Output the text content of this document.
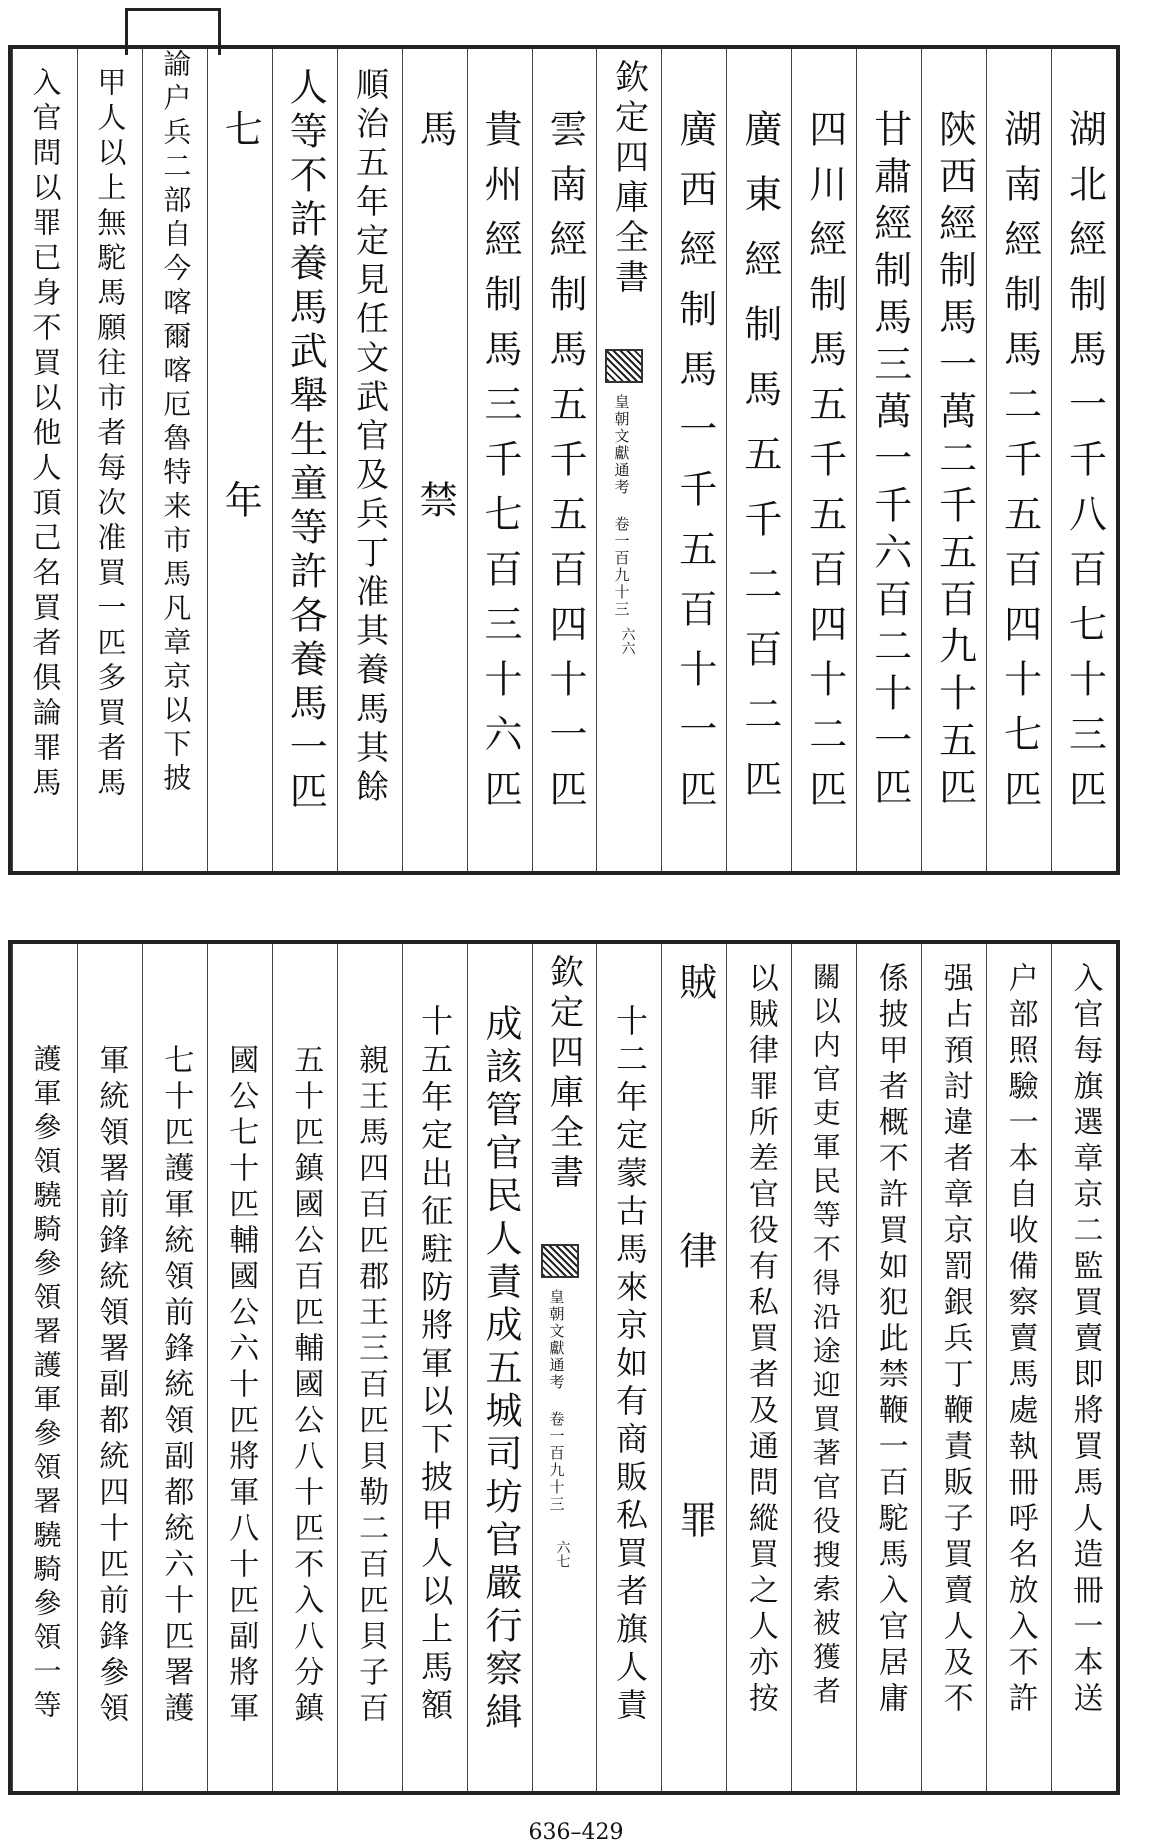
湖北經制馬一千八百七十三匹
湖南經制馬二千五百四十七匹
陝西經制馬一萬二千五百九十五匹
甘肅經制馬三萬一千六百二十一匹
四川經制馬五千五百四十二匹
廣東經制馬五千二百二匹
廣西經制馬一千五百十一匹
欽定四庫全書
皇朝文獻通考 卷一百九十三
六六
雲南經制馬五千五百四十一匹
貴州經制馬三千七百三十六匹
馬禁
順治五年定見任文武官及兵丁准其養馬其餘
人等不許養馬武舉生童等許各養馬一匹
七年
諭户兵二部自今喀爾喀厄魯特来市馬凡章京以下披
甲人以上無駝馬願往市者每次准買一匹多買者馬
入官問以罪已身不買以他人頂己名買者俱論罪馬
入官每旗選章京二監買賣即將買馬人造冊一本送
户部照驗一本自收備察賣馬處執冊呼名放入不許
强占預討違者章京罰銀兵丁鞭責販子買賣人及不
係披甲者概不許買如犯此禁鞭一百駝馬入官居庸
關以内官吏軍民等不得沿途迎買著官役搜索被獲者
以賊律罪所差官役有私買者及通問縱買之人亦按
賊律罪
十二年定蒙古馬來京如有商販私買者旗人責
欽定四庫全書
皇朝文獻通考 卷一百九十三
六七
成該管官民人責成五城司坊官嚴行察緝
十五年定出征駐防將軍以下披甲人以上馬額
親王馬四百匹郡王三百匹貝勒二百匹貝子百
五十匹鎮國公百匹輔國公八十匹不入八分鎮
國公七十匹輔國公六十匹將軍八十匹副將軍
七十匹護軍統領前鋒統領副都統六十匹署護
軍統領署前鋒統領署副都統四十匹前鋒參領
護軍參領驍騎參領署護軍參領署驍騎參領一等
636–429
